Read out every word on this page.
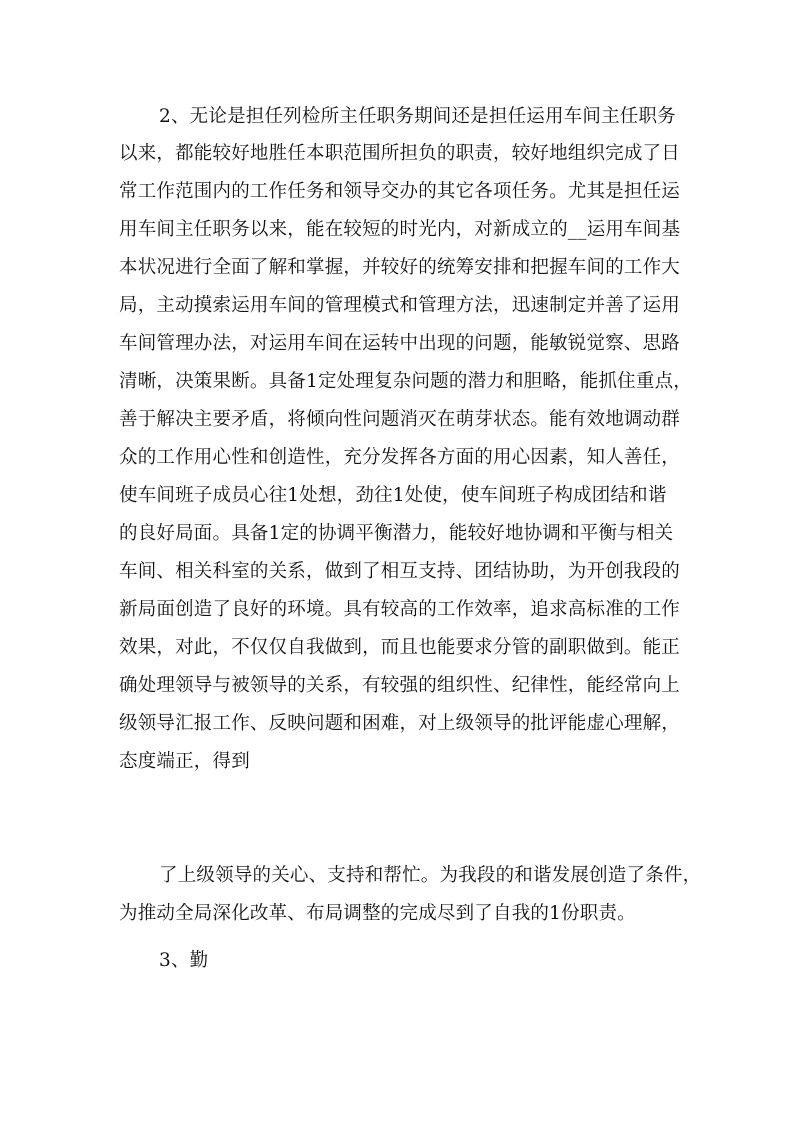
2、无论是担任列检所主任职务期间还是担任运用车间主任职务
以来，都能较好地胜任本职范围所担负的职责，较好地组织完成了日
常工作范围内的工作任务和领导交办的其它各项任务。尤其是担任运
用车间主任职务以来，能在较短的时光内，对新成立的__运用车间基
本状况进行全面了解和掌握，并较好的统筹安排和把握车间的工作大
局，主动摸索运用车间的管理模式和管理方法，迅速制定并善了运用
车间管理办法，对运用车间在运转中出现的问题，能敏锐觉察、思路
清晰，决策果断。具备1定处理复杂问题的潜力和胆略，能抓住重点，
善于解决主要矛盾，将倾向性问题消灭在萌芽状态。能有效地调动群
众的工作用心性和创造性，充分发挥各方面的用心因素，知人善任，
使车间班子成员心往1处想，劲往1处使，使车间班子构成团结和谐
的良好局面。具备1定的协调平衡潜力，能较好地协调和平衡与相关
车间、相关科室的关系，做到了相互支持、团结协助，为开创我段的
新局面创造了良好的环境。具有较高的工作效率，追求高标准的工作
效果，对此，不仅仅自我做到，而且也能要求分管的副职做到。能正
确处理领导与被领导的关系，有较强的组织性、纪律性，能经常向上
级领导汇报工作、反映问题和困难，对上级领导的批评能虚心理解，
态度端正，得到
了上级领导的关心、支持和帮忙。为我段的和谐发展创造了条件，
为推动全局深化改革、布局调整的完成尽到了自我的1份职责。
3、勤
